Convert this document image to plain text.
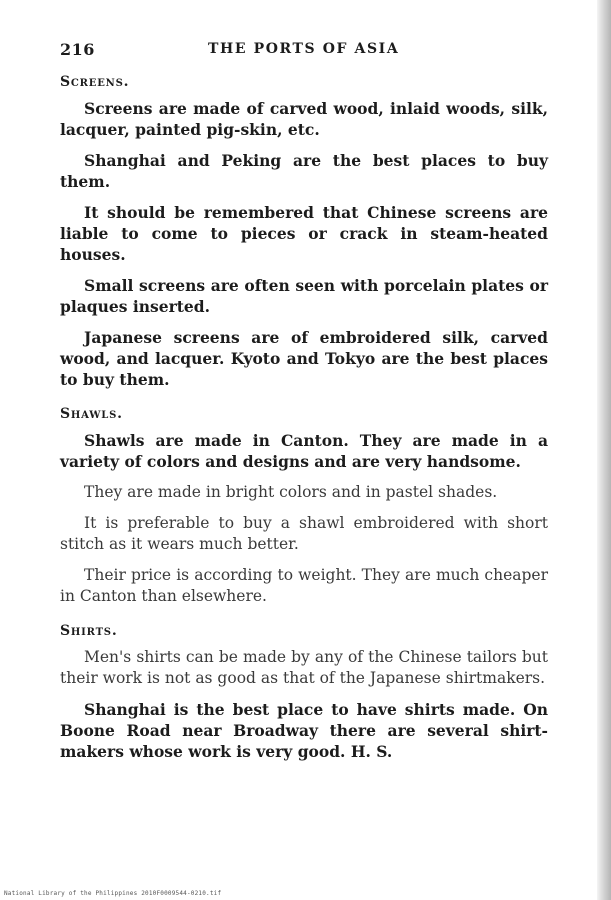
216	THE PORTS OF ASIA
Screens.

Screens are made of carved wood, inlaid woods, silk, lacquer, painted pig-skin, etc.

Shanghai and Peking are the best places to buy them.

It should be remembered that Chinese screens are liable to come to pieces or crack in steam-heated houses.

Small screens are often seen with porcelain plates or plaques inserted.

Japanese screens are of embroidered silk, carved wood, and lacquer. Kyoto and Tokyo are the best places to buy them.

Shawls.

Shawls are made in Canton. They are made in a variety of colors and designs and are very handsome.

They are made in bright colors and in pastel shades.

It is preferable to buy a shawl embroidered with short stitch as it wears much better.

Their price is according to weight. They are much cheaper in Canton than elsewhere.

Shirts.

Men's shirts can be made by any of the Chinese tailors but their work is not as good as that of the Japanese shirtmakers.

Shanghai is the best place to have shirts made. On Boone Road near Broadway there are several shirt-makers whose work is very good. H. S.

National Library of the Philippines 2010F0009544-0210.tif
